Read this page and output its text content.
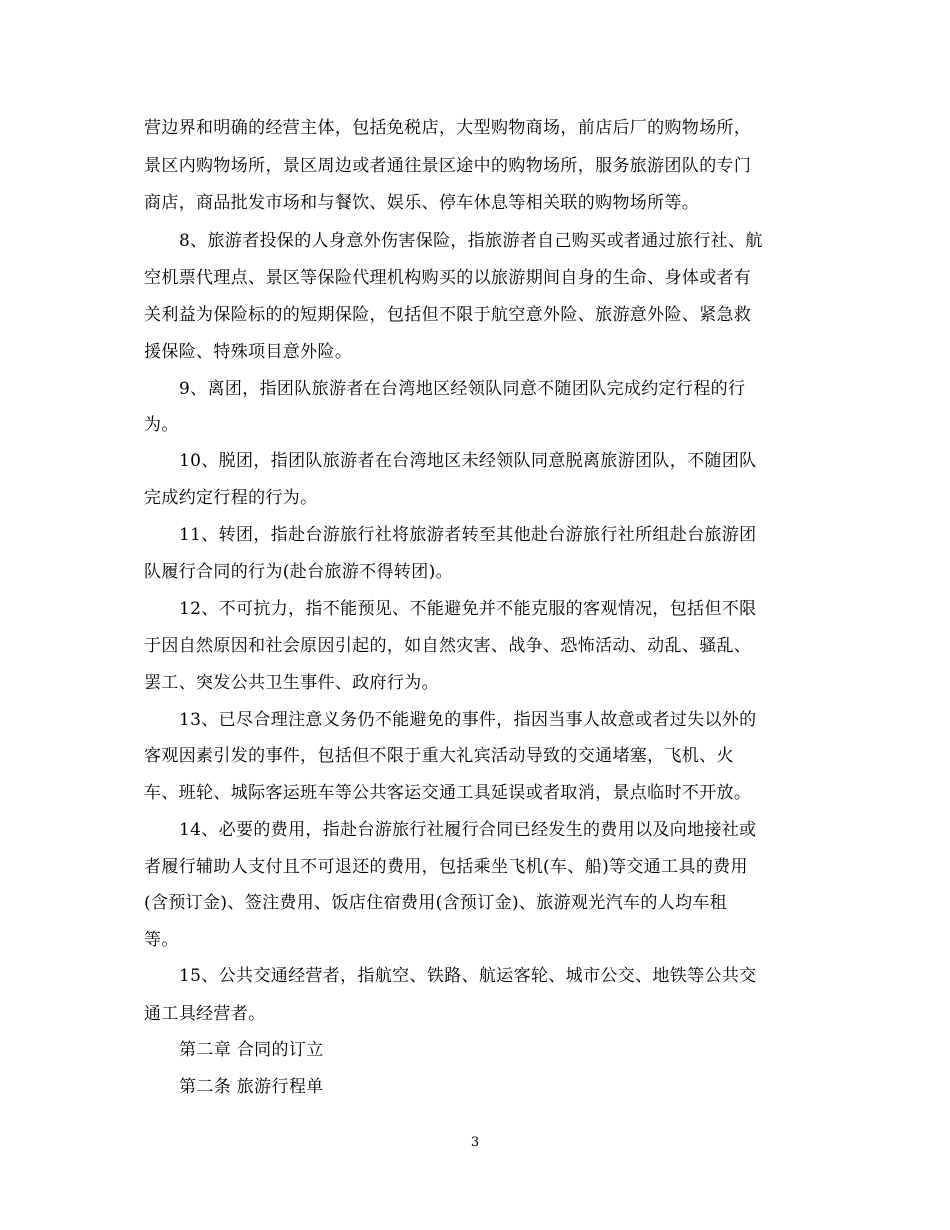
营边界和明确的经营主体，包括免税店，大型购物商场，前店后厂的购物场所，
景区内购物场所，景区周边或者通往景区途中的购物场所，服务旅游团队的专门
商店，商品批发市场和与餐饮、娱乐、停车休息等相关联的购物场所等。
8、旅游者投保的人身意外伤害保险，指旅游者自己购买或者通过旅行社、航
空机票代理点、景区等保险代理机构购买的以旅游期间自身的生命、身体或者有
关利益为保险标的的短期保险，包括但不限于航空意外险、旅游意外险、紧急救
援保险、特殊项目意外险。
9、离团，指团队旅游者在台湾地区经领队同意不随团队完成约定行程的行
为。
10、脱团，指团队旅游者在台湾地区未经领队同意脱离旅游团队，不随团队
完成约定行程的行为。
11、转团，指赴台游旅行社将旅游者转至其他赴台游旅行社所组赴台旅游团
队履行合同的行为(赴台旅游不得转团)。
12、不可抗力，指不能预见、不能避免并不能克服的客观情况，包括但不限
于因自然原因和社会原因引起的，如自然灾害、战争、恐怖活动、动乱、骚乱、
罢工、突发公共卫生事件、政府行为。
13、已尽合理注意义务仍不能避免的事件，指因当事人故意或者过失以外的
客观因素引发的事件，包括但不限于重大礼宾活动导致的交通堵塞，飞机、火
车、班轮、城际客运班车等公共客运交通工具延误或者取消，景点临时不开放。
14、必要的费用，指赴台游旅行社履行合同已经发生的费用以及向地接社或
者履行辅助人支付且不可退还的费用，包括乘坐飞机(车、船)等交通工具的费用
(含预订金)、签注费用、饭店住宿费用(含预订金)、旅游观光汽车的人均车租
等。
15、公共交通经营者，指航空、铁路、航运客轮、城市公交、地铁等公共交
通工具经营者。
第二章 合同的订立
第二条 旅游行程单
3
